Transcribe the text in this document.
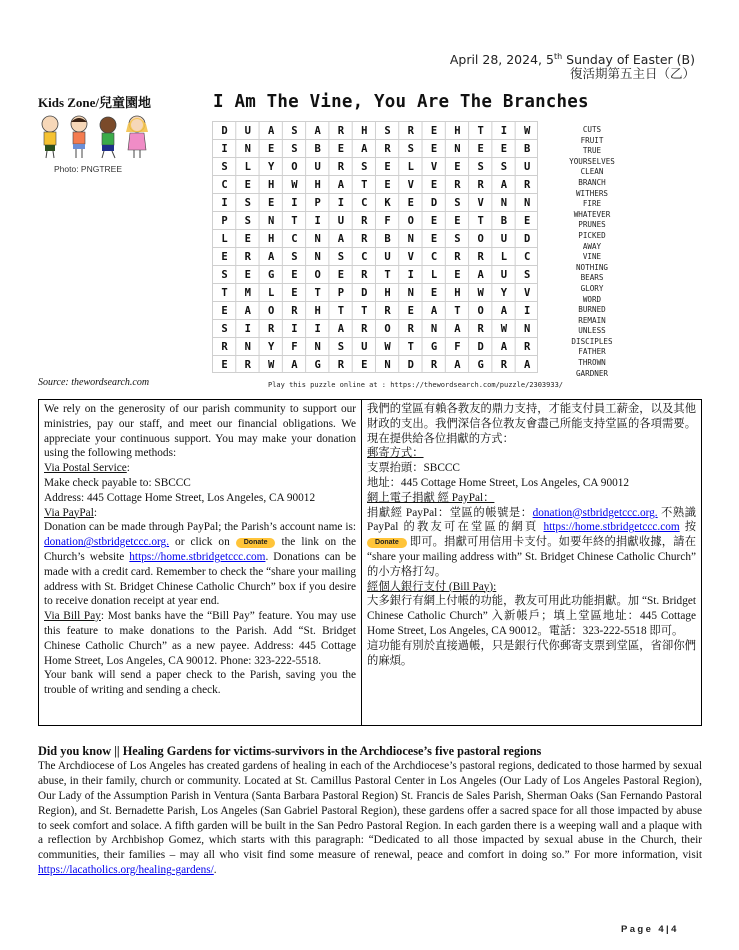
April 28, 2024, 5th Sunday of Easter (B)
復活期第五主日（乙）
Kids Zone/兒童園地
Photo: PNGTREE
I Am The Vine, You Are The Branches
DUASARHSREHTIW
INESBEARSENEEB
SLYOURSELVESSU
CEHWHATEVERRAR
ISEIPICKEDSVNN
PSNTIURFOEETBE
LEHCNARBNESOUD
ERASNSCUVCRRLC
SEGEOERTILEAUS
TMLETPDHNEHWYV
EAORHTTREATOAI
SIRIIARORNARWN
RNYFNSUWTGFDAR
ERWAGRENDRAGRA
CUTS
FRUIT
TRUE
YOURSELVES
CLEAN
BRANCH
WITHERS
FIRE
WHATEVER
PRUNES
PICKED
AWAY
VINE
NOTHING
BEARS
GLORY
WORD
BURNED
REMAIN
UNLESS
DISCIPLES
FATHER
THROWN
GARDNER
Source: thewordsearch.com	Play this puzzle online at : https://thewordsearch.com/puzzle/2303933/
We rely on the generosity of our parish community to support our ministries, pay our staff, and meet our financial obligations. We appreciate your continuous support. You may make your donation using the following methods:
Via Postal Service:
Make check payable to: SBCCC
Address: 445 Cottage Home Street, Los Angeles, CA 90012
Via PayPal:
Donation can be made through PayPal; the Parish’s account name is: donation@stbridgetccc.org. or click on Donate the link on the Church’s website https://home.stbridgetccc.com. Donations can be made with a credit card. Remember to check the “share your mailing address with St. Bridget Chinese Catholic Church” box if you desire to receive donation receipt at year end.
Via Bill Pay: Most banks have the “Bill Pay” feature. You may use this feature to make donations to the Parish. Add “St. Bridget Chinese Catholic Church” as a new payee. Address: 445 Cottage Home Street, Los Angeles, CA 90012. Phone: 323-222-5518.
Your bank will send a paper check to the Parish, saving you the trouble of writing and sending a check.
我們的堂區有賴各教友的鼎力支持，才能支付員工薪金，以及其他財政的支出。我們深信各位教友會盡己所能支持堂區的各項需要。現在提供給各位捐獻的方式：
郵寄方式：
支票抬頭：SBCCC
地址：445 Cottage Home Street, Los Angeles, CA 90012
網上電子捐獻 經 PayPal：
捐獻經 PayPal：堂區的帳號是：donation@stbridgetccc.org. 不熟識 PayPal 的教友可在堂區的網頁 https://home.stbridgetccc.com 按 Donate 即可。捐獻可用信用卡支付。如要年終的捐獻收據，請在 “share your mailing address with” St. Bridget Chinese Catholic Church” 的小方格打勾。
經個人銀行支付 (Bill Pay):
大多銀行有網上付帳的功能，教友可用此功能捐獻。加 “St. Bridget Chinese Catholic Church” 入新帳戶；填上堂區地址：445 Cottage Home Street, Los Angeles, CA 90012。電話：323-222-5518 即可。
這功能有別於直接過帳，只是銀行代你郵寄支票到堂區，省卻你們的麻煩。
Did you know || Healing Gardens for victims-survivors in the Archdiocese’s five pastoral regions
The Archdiocese of Los Angeles has created gardens of healing in each of the Archdiocese’s pastoral regions, dedicated to those harmed by sexual abuse, in their family, church or community. Located at St. Camillus Pastoral Center in Los Angeles (Our Lady of Los Angeles Pastoral Region), Our Lady of the Assumption Parish in Ventura (Santa Barbara Pastoral Region) St. Francis de Sales Parish, Sherman Oaks (San Fernando Pastoral Region), and St. Bernadette Parish, Los Angeles (San Gabriel Pastoral Region), these gardens offer a sacred space for all those impacted by abuse to seek comfort and solace. A fifth garden will be built in the San Pedro Pastoral Region. In each garden there is a weeping wall and a plaque with a reflection by Archbishop Gomez, which starts with this paragraph: “Dedicated to all those impacted by sexual abuse in the Church, their communities, their families – may all who visit find some measure of renewal, peace and comfort in doing so.” For more information, visit https://lacatholics.org/healing-gardens/.
Page 4|4
